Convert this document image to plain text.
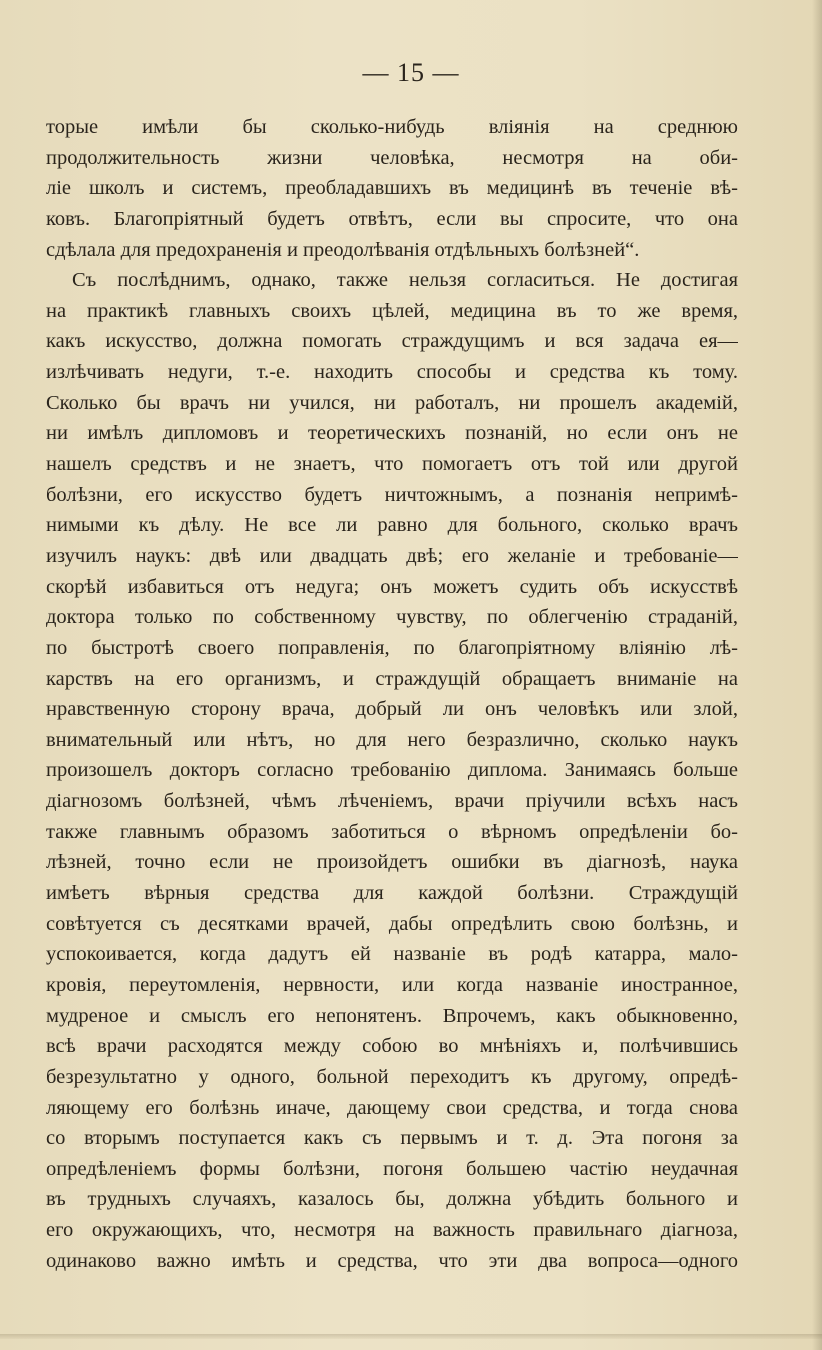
— 15 —
торые имѣли бы сколько-нибудь вліянія на среднюю
продолжительность жизни человѣка, несмотря на оби-
ліе школъ и системъ, преобладавшихъ въ медицинѣ въ теченіе вѣ-
ковъ. Благопріятный будетъ отвѣтъ, если вы спросите, что она
сдѣлала для предохраненія и преодолѣванія отдѣльныхъ болѣзней“.
Съ послѣднимъ, однако, также нельзя согласиться. Не достигая
на практикѣ главныхъ своихъ цѣлей, медицина въ то же время,
какъ искусство, должна помогать страждущимъ и вся задача ея—
излѣчивать недуги, т.-е. находить способы и средства къ тому.
Сколько бы врачъ ни учился, ни работалъ, ни прошелъ академій,
ни имѣлъ дипломовъ и теоретическихъ познаній, но если онъ не
нашелъ средствъ и не знаетъ, что помогаетъ отъ той или другой
болѣзни, его искусство будетъ ничтожнымъ, а познанія непримѣ-
нимыми къ дѣлу. Не все ли равно для больного, сколько врачъ
изучилъ наукъ: двѣ или двадцать двѣ; его желаніе и требованіе—
скорѣй избавиться отъ недуга; онъ можетъ судить объ искусствѣ
доктора только по собственному чувству, по облегченію страданій,
по быстротѣ своего поправленія, по благопріятному вліянію лѣ-
карствъ на его организмъ, и страждущій обращаетъ вниманіе на
нравственную сторону врача, добрый ли онъ человѣкъ или злой,
внимательный или нѣтъ, но для него безразлично, сколько наукъ
произошелъ докторъ согласно требованію диплома. Занимаясь больше
діагнозомъ болѣзней, чѣмъ лѣченіемъ, врачи пріучили всѣхъ насъ
также главнымъ образомъ заботиться о вѣрномъ опредѣленіи бо-
лѣзней, точно если не произойдетъ ошибки въ діагнозѣ, наука
имѣетъ вѣрныя средства для каждой болѣзни. Страждущій
совѣтуется съ десятками врачей, дабы опредѣлить свою болѣзнь, и
успокоивается, когда дадутъ ей названіе въ родѣ катарра, мало-
кровія, переутомленія, нервности, или когда названіе иностранное,
мудреное и смыслъ его непонятенъ. Впрочемъ, какъ обыкновенно,
всѣ врачи расходятся между собою во мнѣніяхъ и, полѣчившись
безрезультатно у одного, больной переходитъ къ другому, опредѣ-
ляющему его болѣзнь иначе, дающему свои средства, и тогда снова
со вторымъ поступается какъ съ первымъ и т. д. Эта погоня за
опредѣленіемъ формы болѣзни, погоня большею частію неудачная
въ трудныхъ случаяхъ, казалось бы, должна убѣдить больного и
его окружающихъ, что, несмотря на важность правильнаго діагноза,
одинаково важно имѣть и средства, что эти два вопроса—одного
